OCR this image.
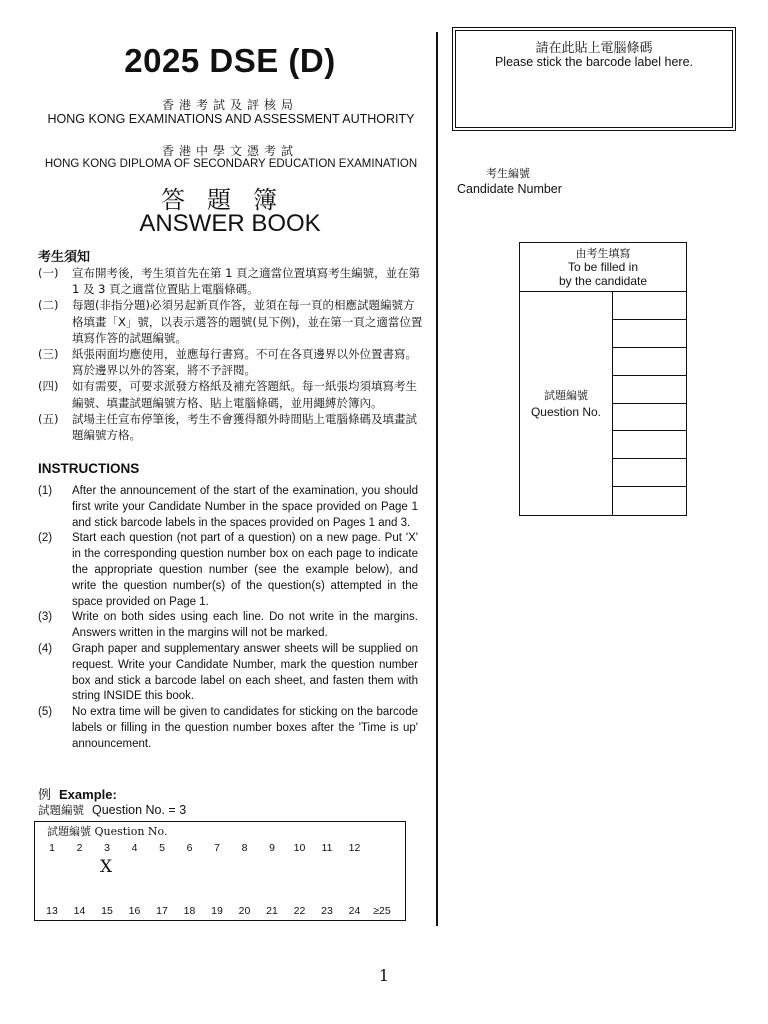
2025 DSE (D)
香港考試及評核局
HONG KONG EXAMINATIONS AND ASSESSMENT AUTHORITY
香港中學文憑考試
HONG KONG DIPLOMA OF SECONDARY EDUCATION EXAMINATION
答題簿
ANSWER BOOK
考生須知
(一)	宣布開考後，考生須首先在第 1 頁之適當位置填寫考生編號，並在第 1 及 3 頁之適當位置貼上電腦條碼。
(二)	每題(非指分題)必須另起新頁作答，並須在每一頁的相應試題編號方格填畫「X」號，以表示選答的題號(見下例)，並在第一頁之適當位置填寫作答的試題編號。
(三)	紙張兩面均應使用，並應每行書寫。不可在各頁邊界以外位置書寫。寫於邊界以外的答案，將不予評閱。
(四)	如有需要，可要求派發方格紙及補充答題紙。每一紙張均須填寫考生編號、填畫試題編號方格、貼上電腦條碼，並用繩縛於簿內。
(五)	試場主任宣布停筆後，考生不會獲得額外時間貼上電腦條碼及填畫試題編號方格。
INSTRUCTIONS
(1)	After the announcement of the start of the examination, you should first write your Candidate Number in the space provided on Page 1 and stick barcode labels in the spaces provided on Pages 1 and 3.
(2)	Start each question (not part of a question) on a new page. Put 'X' in the corresponding question number box on each page to indicate the appropriate question number (see the example below), and write the question number(s) of the question(s) attempted in the space provided on Page 1.
(3)	Write on both sides using each line. Do not write in the margins. Answers written in the margins will not be marked.
(4)	Graph paper and supplementary answer sheets will be supplied on request. Write your Candidate Number, mark the question number box and stick a barcode label on each sheet, and fasten them with string INSIDE this book.
(5)	No extra time will be given to candidates for sticking on the barcode labels or filling in the question number boxes after the 'Time is up' announcement.
例 Example:
試題編號 Question No. = 3
試題編號 Question No.
1	2	3	4	5	6	7	8	9	10	11	12
X
13	14	15	16	17	18	19	20	21	22	23	24	≥25
請在此貼上電腦條碼
Please stick the barcode label here.
考生編號
Candidate Number
由考生填寫
To be filled in
by the candidate
試題編號
Question No.
1
